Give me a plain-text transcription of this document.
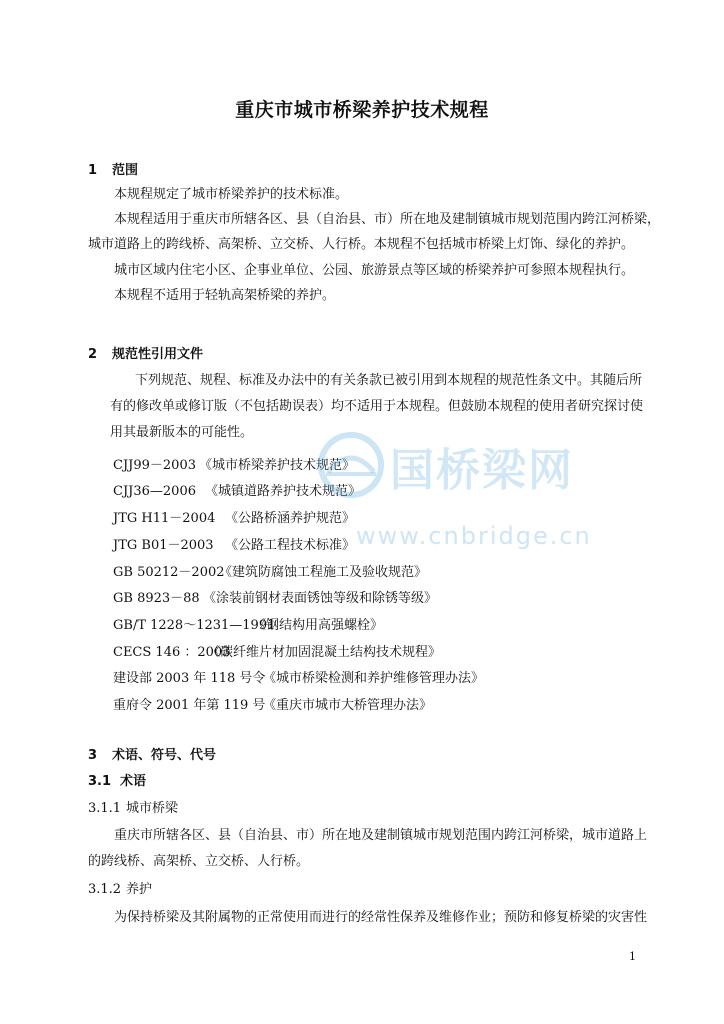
重庆市城市桥梁养护技术规程
1 范围
本规程规定了城市桥梁养护的技术标准。
本规程适用于重庆市所辖各区、县（自治县、市）所在地及建制镇城市规划范围内跨江河桥梁，
城市道路上的跨线桥、高架桥、立交桥、人行桥。本规程不包括城市桥梁上灯饰、绿化的养护。
城市区域内住宅小区、企事业单位、公园、旅游景点等区域的桥梁养护可参照本规程执行。
本规程不适用于轻轨高架桥梁的养护。
2 规范性引用文件
下列规范、规程、标准及办法中的有关条款已被引用到本规程的规范性条文中。其随后所
有的修改单或修订版（不包括勘误表）均不适用于本规程。但鼓励本规程的使用者研究探讨使
用其最新版本的可能性。
CJJ99－2003 《城市桥梁养护技术规范》
CJJ36—2006 《城镇道路养护技术规范》
JTG H11－2004 《公路桥涵养护规范》
JTG B01－2003 《公路工程技术标准》
GB 50212－2002《建筑防腐蚀工程施工及验收规范》
GB 8923－88 《涂装前钢材表面锈蚀等级和除锈等级》
GB/T 1228～1231—1991《钢结构用高强螺栓》
CECS 146 ：2003《碳纤维片材加固混凝土结构技术规程》
建设部 2003 年 118 号令《城市桥梁检测和养护维修管理办法》
重府令 2001 年第 119 号《重庆市城市大桥管理办法》
3 术语、符号、代号
3.1 术语
3.1.1 城市桥梁
重庆市所辖各区、县（自治县、市）所在地及建制镇城市规划范围内跨江河桥梁，城市道路上
的跨线桥、高架桥、立交桥、人行桥。
3.1.2 养护
为保持桥梁及其附属物的正常使用而进行的经常性保养及维修作业；预防和修复桥梁的灾害性
国桥梁网
www.cnbridge.cn
1
